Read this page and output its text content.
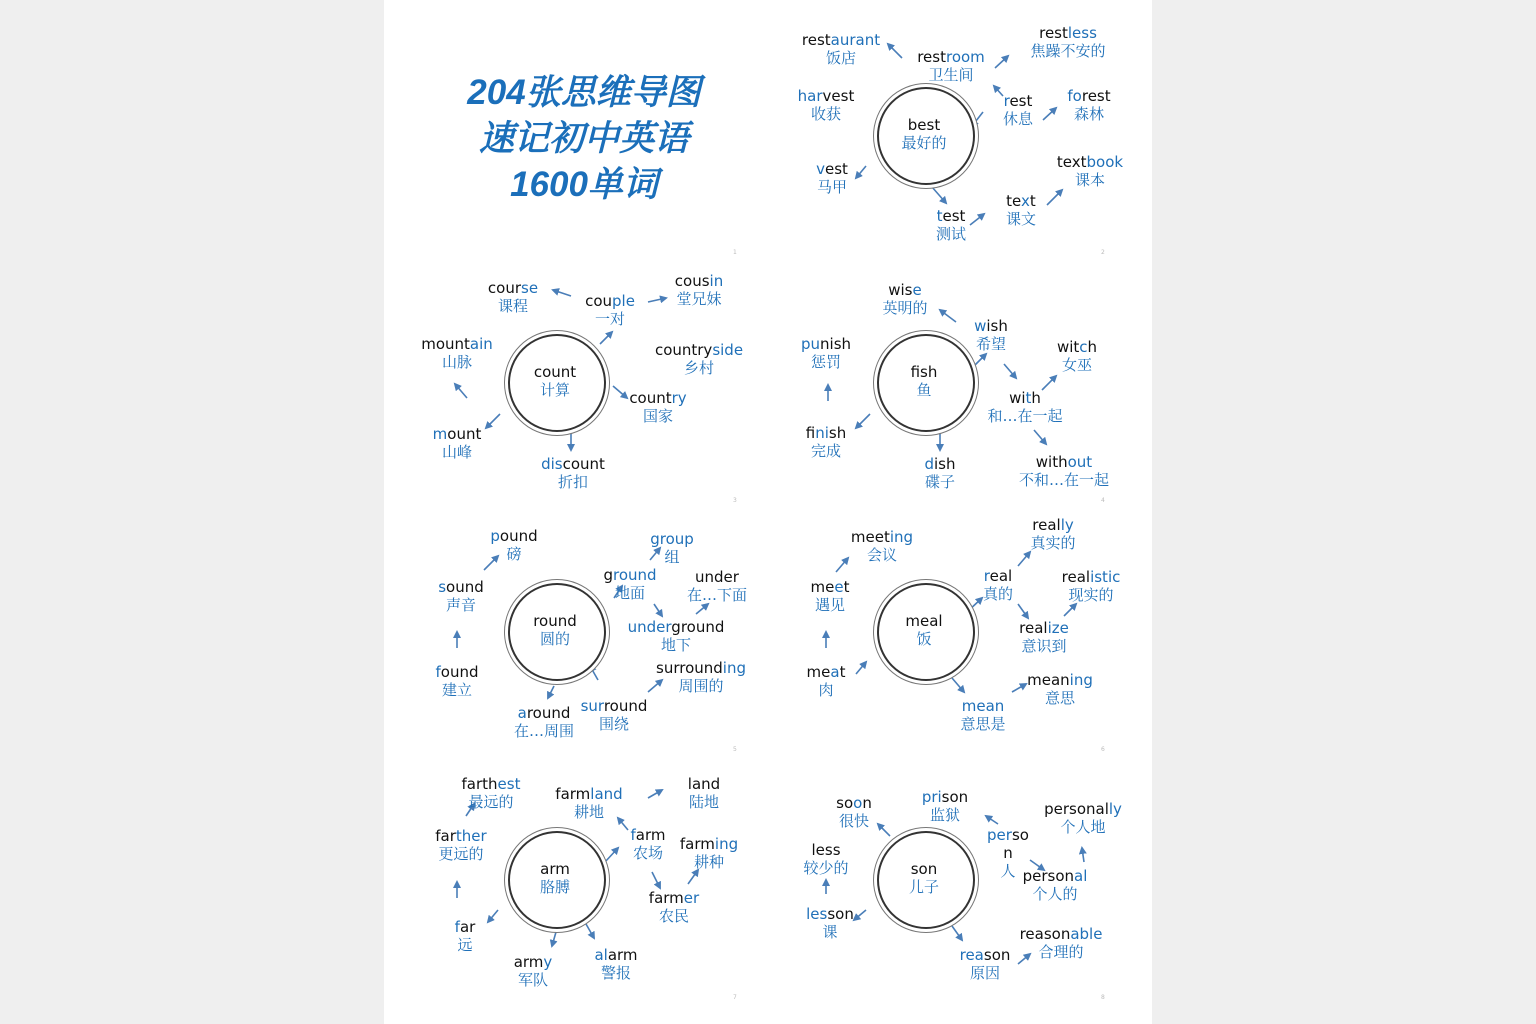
204张思维导图
速记初中英语
1600单词
best
最好的
restaurant
饭店	restroom
卫生间
restless
焦躁不安的
harvest
收获
rest
休息
forest
森林
vest
马甲
textbook
课本
text
课文
test
测试
count
计算
course
课程	couple
一对
cousin
堂兄妹
mountain
山脉
countryside
乡村
country
国家
mount
山峰
discount
折扣
fish
鱼
wise
英明的
wish
希望
punish
惩罚
witch
女巫
with
和…在一起
finish
完成
dish
碟子
without
不和…在一起
round
圆的
pound
磅
group
组
ground
地面
under
在…下面
sound
声音
underground
地下
found
建立
surrounding
周围的
around
在…周围
surround
围绕
meal
饭
meeting
会议
really
真实的
meet
遇见
real
真的
realistic
现实的
realize
意识到
meat
肉
meaning
意思
mean
意思是
arm
胳膊
farthest
最远的	farmland
耕地
land
陆地
farther
更远的
farm
农场 farming
耕种
farmer
农民
far
远
army
军队
alarm
警报
son
儿子
soon
很快
prison
监狱	personally
个人地
perso
n
人
less
较少的	personal
个人的
lesson
课	reasonable
合理的
reason
原因
1	2
3	4
5	6
7	8
